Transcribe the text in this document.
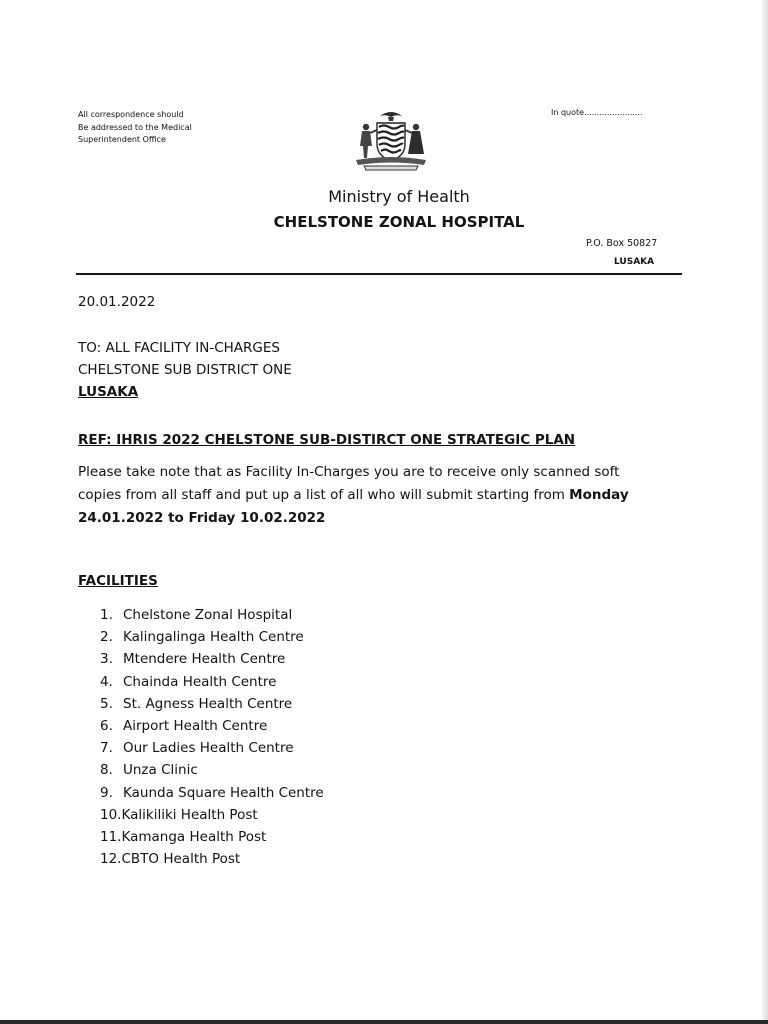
All correspondence should
Be addressed to the Medical
Superintendent Office
In quote.......................
Ministry of Health
CHELSTONE ZONAL HOSPITAL
P.O. Box 50827
LUSAKA
20.01.2022
TO: ALL FACILITY IN-CHARGES
CHELSTONE SUB DISTRICT ONE
LUSAKA
REF: IHRIS 2022 CHELSTONE SUB-DISTIRCT ONE STRATEGIC PLAN
Please take note that as Facility In-Charges you are to receive only scanned soft
copies from all staff and put up a list of all who will submit starting from Monday
24.01.2022 to Friday 10.02.2022
FACILITIES
1. Chelstone Zonal Hospital
2. Kalingalinga Health Centre
3. Mtendere Health Centre
4. Chainda Health Centre
5. St. Agness Health Centre
6. Airport Health Centre
7. Our Ladies Health Centre
8. Unza Clinic
9. Kaunda Square Health Centre
10. Kalikiliki Health Post
11. Kamanga Health Post
12. CBTO Health Post
